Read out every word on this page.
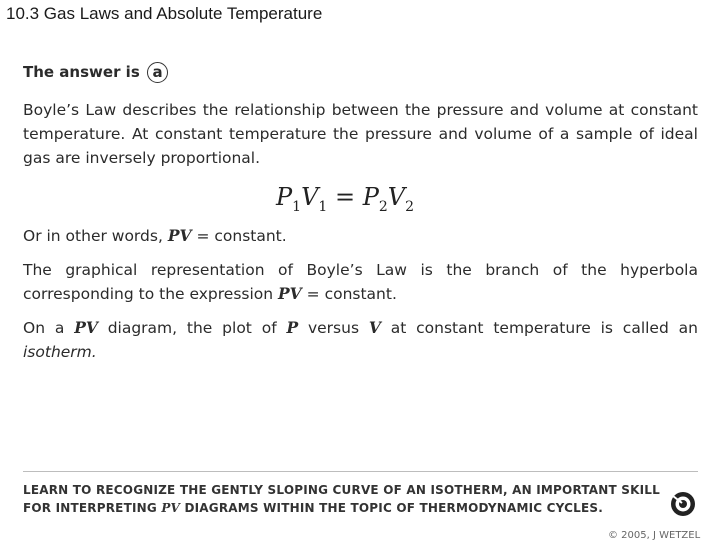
10.3 Gas Laws and Absolute Temperature
The answer is a
Boyle’s Law describes the relationship between the pressure and volume at constant temperature. At constant temperature the pressure and volume of a sample of ideal gas are inversely proportional.
Or in other words, PV = constant.
The graphical representation of Boyle’s Law is the branch of the hyperbola corresponding to the expression PV = constant.
On a PV diagram, the plot of P versus V at constant temperature is called an isotherm.
$P_1V_1 = P_2V_2$
LEARN TO RECOGNIZE THE GENTLY SLOPING CURVE OF AN ISOTHERM, AN IMPORTANT SKILL FOR INTERPRETING PV DIAGRAMS WITHIN THE TOPIC OF THERMODYNAMIC CYCLES.
© 2005, J WETZEL
